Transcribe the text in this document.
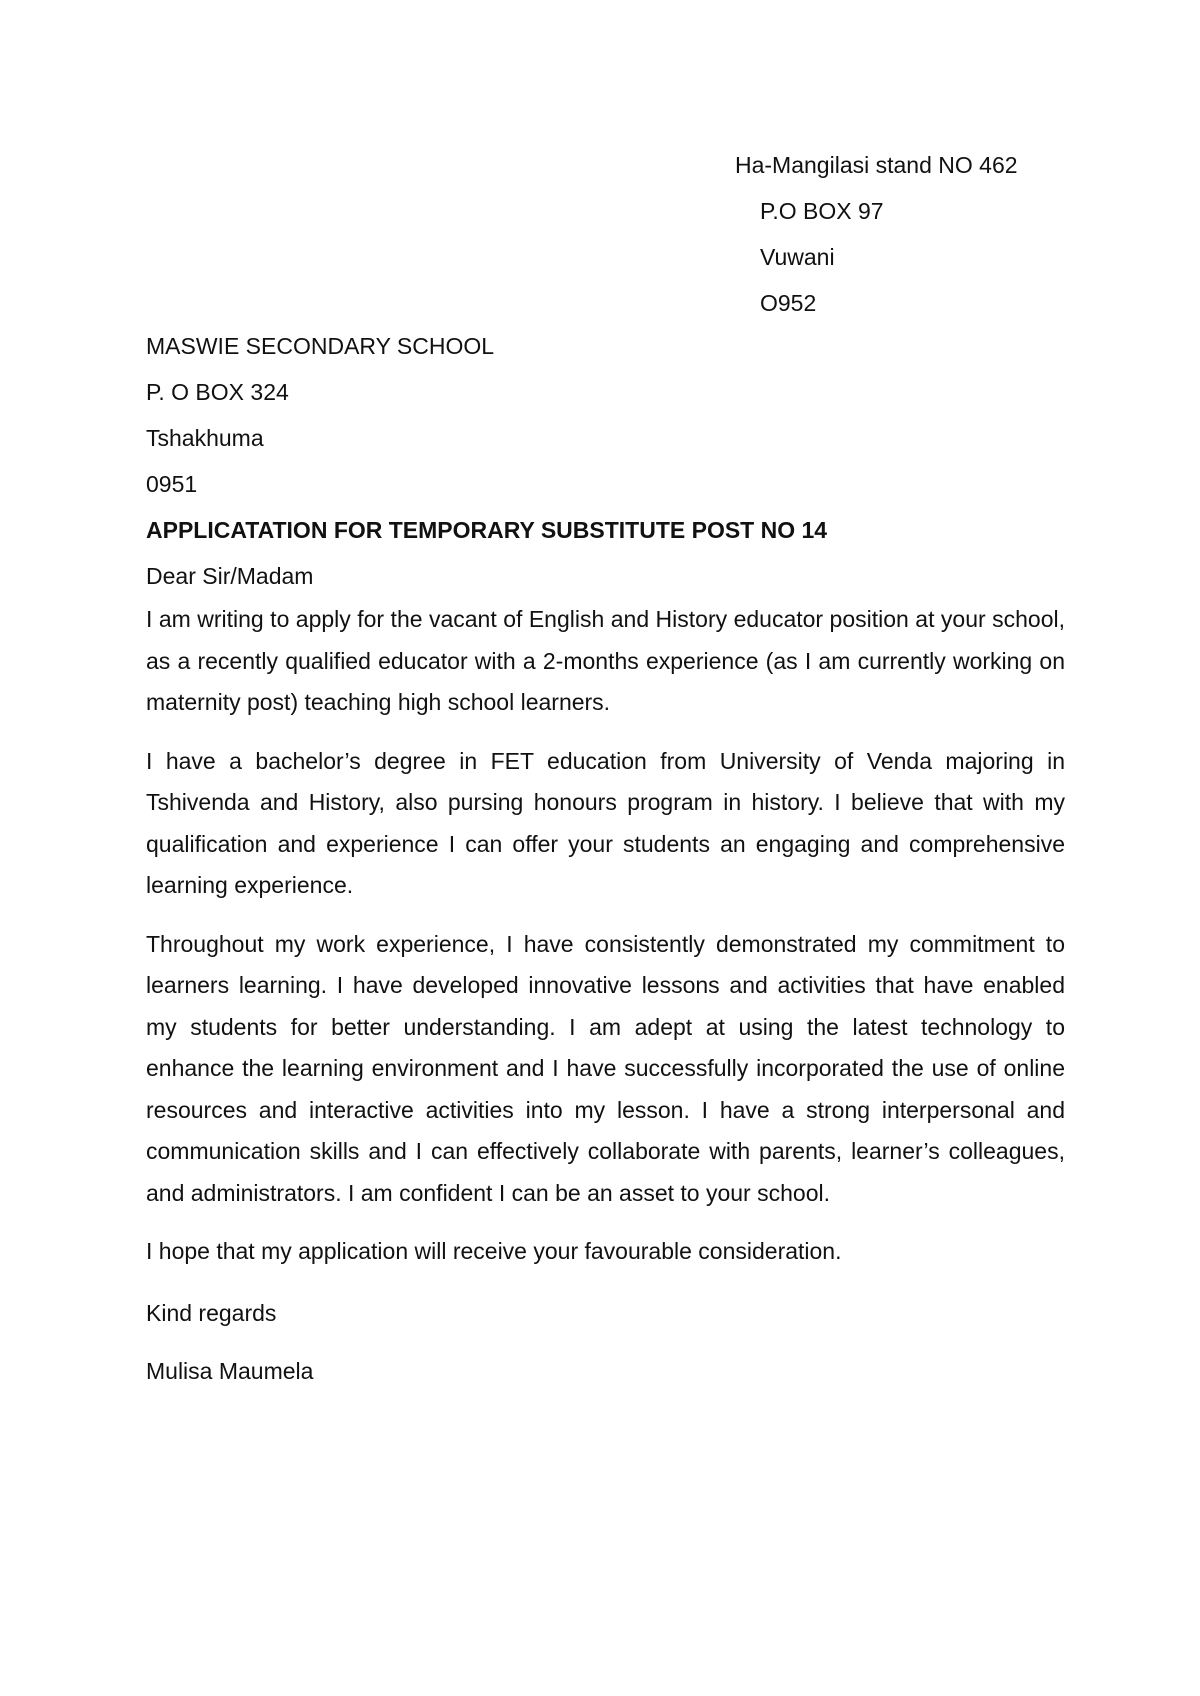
Ha-Mangilasi stand NO 462
P.O BOX 97
Vuwani
O952
MASWIE SECONDARY SCHOOL
P. O BOX 324
Tshakhuma
0951
APPLICATATION FOR TEMPORARY SUBSTITUTE POST NO 14
Dear Sir/Madam

I am writing to apply for the vacant of English and History educator position at your school, as a recently qualified educator with a 2-months experience (as I am currently working on maternity post) teaching high school learners.

I have a bachelor’s degree in FET education from University of Venda majoring in Tshivenda and History, also pursing honours program in history. I believe that with my qualification and experience I can offer your students an engaging and comprehensive learning experience.

Throughout my work experience, I have consistently demonstrated my commitment to learners learning. I have developed innovative lessons and activities that have enabled my students for better understanding. I am adept at using the latest technology to enhance the learning environment and I have successfully incorporated the use of online resources and interactive activities into my lesson. I have a strong interpersonal and communication skills and I can effectively collaborate with parents, learner’s colleagues, and administrators. I am confident I can be an asset to your school.

I hope that my application will receive your favourable consideration.

Kind regards
Mulisa Maumela
